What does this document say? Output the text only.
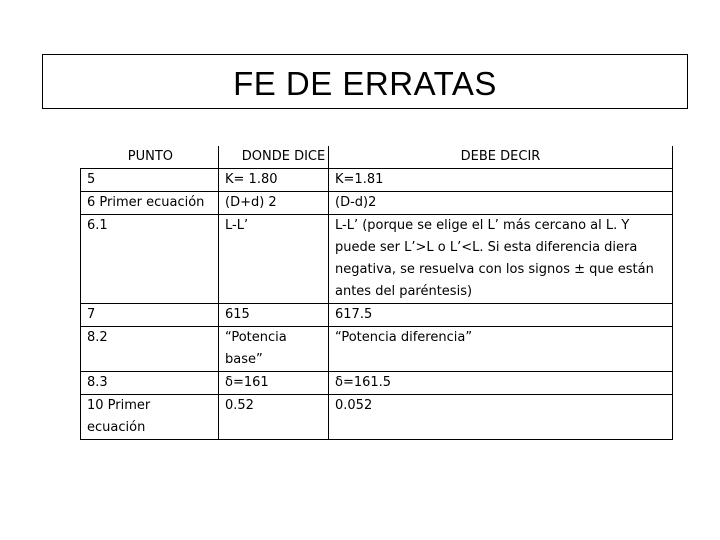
FE DE ERRATAS
PUNTO	DONDE DICE	DEBE DECIR
5	K= 1.80	K=1.81
6 Primer ecuación	(D+d) 2	(D-d)2
6.1	L-L’	L-L’ (porque se elige el L’ más cercano al L. Y puede ser L’>L o L’<L. Si esta diferencia diera negativa, se resuelva con los signos ± que están antes del paréntesis)
7	615	617.5
8.2	“Potencia base”	“Potencia diferencia”
8.3	δ=161	δ=161.5
10 Primer ecuación	0.52	0.052
